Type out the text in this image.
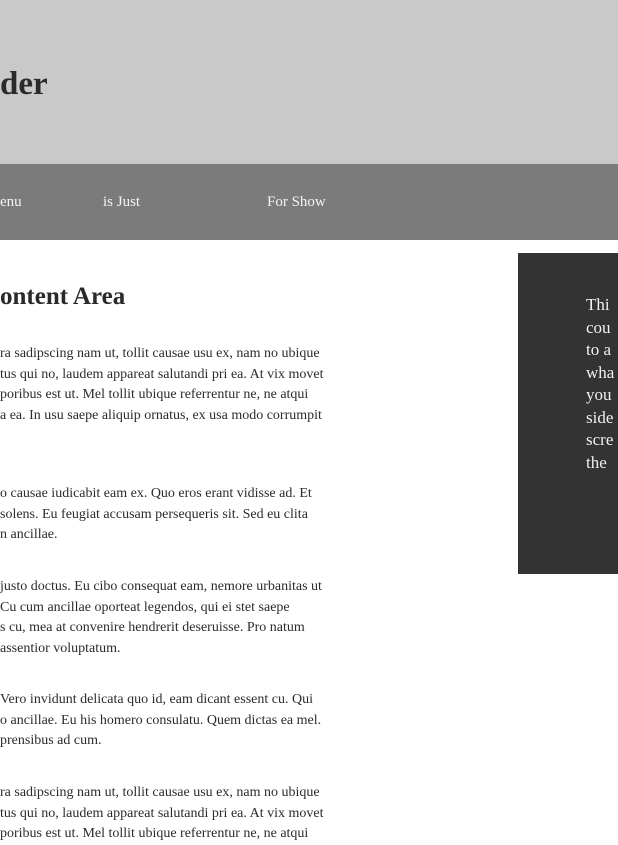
der
enu	is Just	For Show
ontent Area

ra sadipscing nam ut, tollit causae usu ex, nam no ubique
tus qui no, laudem appareat salutandi pri ea. At vix movet
poribus est ut. Mel tollit ubique referrentur ne, ne atqui
a ea. In usu saepe aliquip ornatus, ex usa modo corrumpit

o causae iudicabit eam ex. Quo eros erant vidisse ad. Et
solens. Eu feugiat accusam persequeris sit. Sed eu clita
n ancillae.

justo doctus. Eu cibo consequat eam, nemore urbanitas ut
Cu cum ancillae oporteat legendos, qui ei stet saepe
s cu, mea at convenire hendrerit deseruisse. Pro natum
assentior voluptatum.

Vero invidunt delicata quo id, eam dicant essent cu. Qui
o ancillae. Eu his homero consulatu. Quem dictas ea mel.
prensibus ad cum.

ra sadipscing nam ut, tollit causae usu ex, nam no ubique
tus qui no, laudem appareat salutandi pri ea. At vix movet
poribus est ut. Mel tollit ubique referrentur ne, ne atqui

Thi
cou
to a
wha
you
side
scre
the
